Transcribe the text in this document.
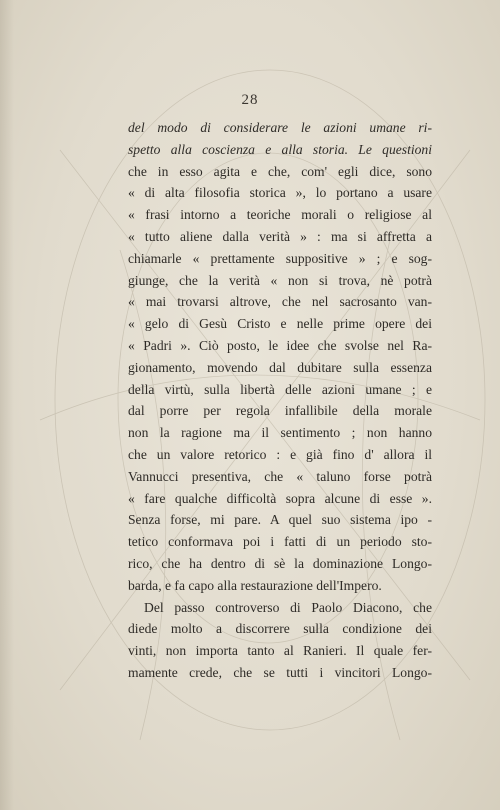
28
del modo di considerare le azioni umane ri-
spetto alla coscienza e alla storia. Le questioni
che in esso agita e che, com' egli dice, sono
« di alta filosofia storica », lo portano a usare
« frasi intorno a teoriche morali o religiose al
« tutto aliene dalla verità » : ma si affretta a
chiamarle « prettamente suppositive » ; e sog-
giunge, che la verità « non si trova, nè potrà
« mai trovarsi altrove, che nel sacrosanto van-
« gelo di Gesù Cristo e nelle prime opere dei
« Padri ». Ciò posto, le idee che svolse nel Ra-
gionamento, movendo dal dubitare sulla essenza
della virtù, sulla libertà delle azioni umane ; e
dal porre per regola infallibile della morale
non la ragione ma il sentimento ; non hanno
che un valore retorico : e già fino d' allora il
Vannucci presentiva, che « taluno forse potrà
« fare qualche difficoltà sopra alcune di esse ».
Senza forse, mi pare. A quel suo sistema ipo -
tetico conformava poi i fatti di un periodo sto-
rico, che ha dentro di sè la dominazione Longo-
barda, e fa capo alla restaurazione dell'Impero.
Del passo controverso di Paolo Diacono, che
diede molto a discorrere sulla condizione dei
vinti, non importa tanto al Ranieri. Il quale fer-
mamente crede, che se tutti i vincitori Longo-
